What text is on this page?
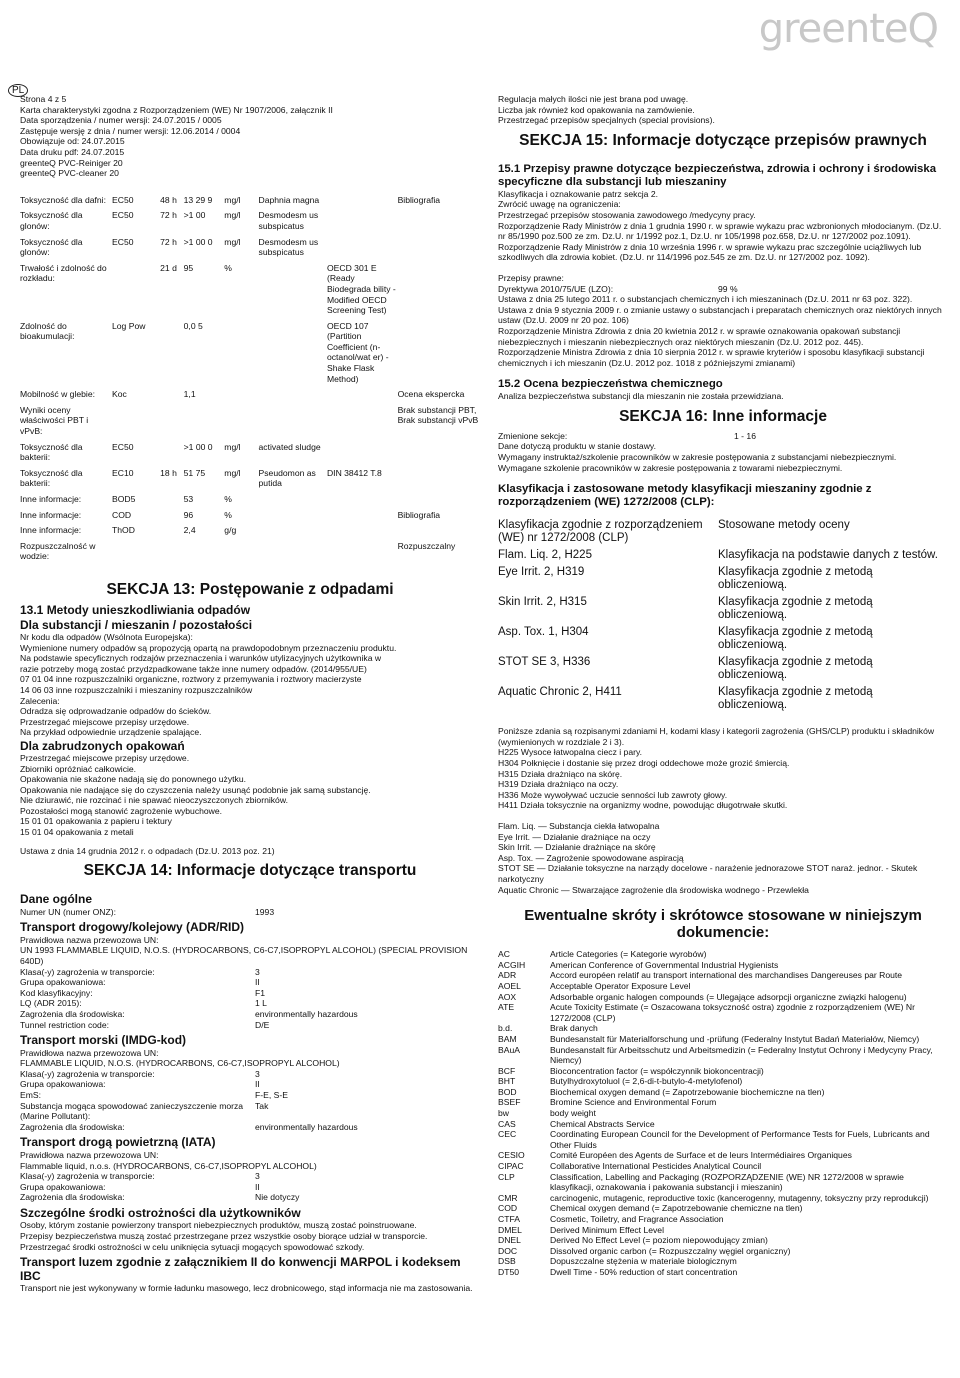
greenteQ
PL
Strona 4 z 5
Karta charakterystyki zgodna z Rozporządzeniem (WE) Nr 1907/2006, załącznik II
Data sporządzenia / numer wersji: 24.07.2015 / 0005
Zastępuje wersję z dnia / numer wersji: 12.06.2014 / 0004
Obowiązuje od: 24.07.2015
Data druku pdf: 24.07.2015
greenteQ PVC-Reiniger 20
greenteQ PVC-cleaner 20
Toksyczność dla dafni:	EC50	48 h	13 29 9	mg/l	Daphnia magna		Bibliografia
Toksyczność dla glonów:	EC50	72 h	>1 00	mg/l	Desmodesm us subspicatus		
Toksyczność dla glonów:	EC50	72 h	>1 00 0	mg/l	Desmodesm us subspicatus		
Trwałość i zdolność do rozkładu:		21 d	95	%		OECD 301 E (Ready Biodegrada bility - Modified OECD Screening Test)	
Zdolność do bioakumulacji:	Log Pow		0,0 5			OECD 107 (Partition Coefficient (n-octanol/wat er) - Shake Flask Method)	
Mobilność w glebie:	Koc		1,1				Ocena ekspercka
Wyniki oceny właściwości PBT i vPvB:							Brak substancji PBT, Brak substancji vPvB
Toksyczność dla bakterii:	EC50		>1 00 0	mg/l	activated sludge		
Toksyczność dla bakterii:	EC10	18 h	51 75	mg/l	Pseudomon as putida	DIN 38412 T.8	
Inne informacje:	BOD5		53	%			
Inne informacje:	COD		96	%			Bibliografia
Inne informacje:	ThOD		2,4	g/g			
Rozpuszczalność w wodzie:							Rozpuszczalny
SEKCJA 13: Postępowanie z odpadami
13.1 Metody unieszkodliwiania odpadów
Dla substancji / mieszanin / pozostałości
Nr kodu dla odpadów (Wsólnota Europejska):
Wymienione numery odpadów są propozycją opartą na prawdopodobnym przeznaczeniu produktu.
Na podstawie specyficznych rodzajów przeznaczenia i warunków utylizacyjnych użytkownika w
razie potrzeby mogą zostać przydzpadkowane także inne numery odpadów. (2014/955/UE)
07 01 04 inne rozpuszczalniki organiczne, roztwory z przemywania i roztwory macierzyste
14 06 03 inne rozpuszczalniki i mieszaniny rozpuszczalników
Zalecenia:
Odradza się odprowadzanie odpadów do ścieków.
Przestrzegać miejscowe przepisy urzędowe.
Na przykład odpowiednie urządzenie spalające.
Dla zabrudzonych opakowań
Przestrzegać miejscowe przepisy urzędowe.
Zbiorniki opróżniać całkowicie.
Opakowania nie skażone nadają się do ponownego użytku.
Opakowania nie nadające się do czyszczenia należy usunąć podobnie jak samą substancję.
Nie dziurawić, nie rozcinać i nie spawać nieoczyszczonych zbiorników.
Pozostałości mogą stanowić zagrożenie wybuchowe.
15 01 01 opakowania z papieru i tektury
15 01 04 opakowania z metali
Ustawa z dnia 14 grudnia 2012 r. o odpadach (Dz.U. 2013 poz. 21)
SEKCJA 14: Informacje dotyczące transportu
Dane ogólne
Numer UN (numer ONZ):	1993
Transport drogowy/kolejowy (ADR/RID)
Prawidłowa nazwa przewozowa UN:
UN 1993 FLAMMABLE LIQUID, N.O.S. (HYDROCARBONS, C6-C7,ISOPROPYL ALCOHOL) (SPECIAL PROVISION 640D)
Klasa(-y) zagrożenia w transporcie:	3
Grupa opakowaniowa:	II
Kod klasyfikacyjny:	F1
LQ (ADR 2015):	1 L
Zagrożenia dla środowiska:	environmentally hazardous
Tunnel restriction code:	D/E
Transport morski (IMDG-kod)
Prawidłowa nazwa przewozowa UN:
FLAMMABLE LIQUID, N.O.S. (HYDROCARBONS, C6-C7,ISOPROPYL ALCOHOL)
Klasa(-y) zagrożenia w transporcie:	3
Grupa opakowaniowa:	II
EmS:	F-E, S-E
Substancja mogąca spowodować zanieczyszczenie morza (Marine Pollutant):
Tak
Zagrożenia dla środowiska:	environmentally hazardous
Transport drogą powietrzną (IATA)
Prawidłowa nazwa przewozowa UN:
Flammable liquid, n.o.s. (HYDROCARBONS, C6-C7,ISOPROPYL ALCOHOL)
Klasa(-y) zagrożenia w transporcie:	3
Grupa opakowaniowa:	II
Zagrożenia dla środowiska:	Nie dotyczy
Szczególne środki ostrożności dla użytkowników
Osoby, którym zostanie powierzony transport niebezpiecznych produktów, muszą zostać poinstruowane.
Przepisy bezpieczeństwa muszą zostać przestrzegane przez wszystkie osoby biorące udział w transporcie.
Przestrzegać środki ostrożności w celu uniknięcia sytuacji mogących spowodować szkody.
Transport luzem zgodnie z załącznikiem II do konwencji MARPOL i kodeksem IBC
Transport nie jest wykonywany w formie ładunku masowego, lecz drobnicowego, stąd informacja nie ma zastosowania.
Regulacja małych ilości nie jest brana pod uwagę.
Liczba jak również kod opakowania na zamówienie.
Przestrzegać przepisów specjalnych (special provisions).
SEKCJA 15: Informacje dotyczące przepisów prawnych
15.1 Przepisy prawne dotyczące bezpieczeństwa, zdrowia i ochrony i środowiska specyficzne dla substancji lub mieszaniny
Klasyfikacja i oznakowanie patrz sekcja 2.
Zwrócić uwagę na ograniczenia:
Przestrzegać przepisów stosowania zawodowego /medycyny pracy.
Rozporządzenie Rady Ministrów z dnia 1 grudnia 1990 r. w sprawie wykazu prac wzbronionych młodocianym. (Dz.U. nr 85/1990 poz.500 ze zm. Dz.U. nr 1/1992 poz.1, Dz.U. nr 105/1998 poz.658, Dz.U. nr 127/2002 poz.1091).
Rozporządzenie Rady Ministrów z dnia 10 września 1996 r. w sprawie wykazu prac szczególnie uciążliwych lub szkodliwych dla zdrowia kobiet. (Dz.U. nr 114/1996 poz.545 ze zm. Dz.U. nr 127/2002 poz. 1092).
Przepisy prawne:
Dyrektywa 2010/75/UE (LZO):	99 %
Ustawa z dnia 25 lutego 2011 r. o substancjach chemicznych i ich mieszaninach (Dz.U. 2011 nr 63 poz. 322).
Ustawa z dnia 9 stycznia 2009 r. o zmianie ustawy o substancjach i preparatach chemicznych oraz niektórych innych ustaw (Dz.U. 2009 nr 20 poz. 106)
Rozporządzenie Ministra Zdrowia z dnia 20 kwietnia 2012 r. w sprawie oznakowania opakowań substancji niebezpiecznych i mieszanin niebezpiecznych oraz niektórych mieszanin (Dz.U. 2012 poz. 445).
Rozporządzenie Ministra Zdrowia z dnia 10 sierpnia 2012 r. w sprawie kryteriów i sposobu klasyfikacji substancji chemicznych i ich mieszanin (Dz.U. 2012 poz. 1018 z późniejszymi zmianami)
15.2 Ocena bezpieczeństwa chemicznego
Analiza bezpieczeństwa substancji dla mieszanin nie została przewidziana.
SEKCJA 16: Inne informacje
Zmienione sekcje:	1 - 16
Dane dotyczą produktu w stanie dostawy.
Wymagany instruktaż/szkolenie pracowników w zakresie postępowania z substancjami niebezpiecznymi.
Wymagane szkolenie pracowników w zakresie postępowania z towarami niebezpiecznymi.
Klasyfikacja i zastosowane metody klasyfikacji mieszaniny zgodnie z rozporządzeniem (WE) 1272/2008 (CLP):
Klasyfikacja zgodnie z rozporządzeniem (WE) nr 1272/2008 (CLP)	Stosowane metody oceny
Flam. Liq. 2, H225	Klasyfikacja na podstawie danych z testów.
Eye Irrit. 2, H319	Klasyfikacja zgodnie z metodą obliczeniową.
Skin Irrit. 2, H315	Klasyfikacja zgodnie z metodą obliczeniową.
Asp. Tox. 1, H304	Klasyfikacja zgodnie z metodą obliczeniową.
STOT SE 3, H336	Klasyfikacja zgodnie z metodą obliczeniową.
Aquatic Chronic 2, H411	Klasyfikacja zgodnie z metodą obliczeniową.
Poniższe zdania są rozpisanymi zdaniami H, kodami klasy i kategorii zagrożenia (GHS/CLP) produktu i składników (wymienionych w rozdziale 2 i 3).
H225 Wysoce łatwopalna ciecz i pary.
H304 Połknięcie i dostanie się przez drogi oddechowe może grozić śmiercią.
H315 Działa drażniąco na skórę.
H319 Działa drażniąco na oczy.
H336 Może wywoływać uczucie senności lub zawroty głowy.
H411 Działa toksycznie na organizmy wodne, powodując długotrwałe skutki.
Flam. Liq. — Substancja ciekła łatwopalna
Eye Irrit. — Działanie drażniące na oczy
Skin Irrit. — Działanie drażniące na skórę
Asp. Tox. — Zagrożenie spowodowane aspiracją
STOT SE — Działanie toksyczne na narządy docelowe - narażenie jednorazowe STOT naraż. jednor. - Skutek narkotyczny
Aquatic Chronic — Stwarzające zagrożenie dla środowiska wodnego - Przewlekła
Ewentualne skróty i skrótowce stosowane w niniejszym dokumencie:
AC	Article Categories (= Kategorie wyrobów)
ACGIH	American Conference of Governmental Industrial Hygienists
ADR	Accord européen relatif au transport international des marchandises Dangereuses par Route
AOEL	Acceptable Operator Exposure Level
AOX	Adsorbable organic halogen compounds (= Ulegające adsorpcji organiczne związki halogenu)
ATE	Acute Toxicity Estimate (= Oszacowana toksyczność ostra) zgodnie z rozporządzeniem (WE) Nr 1272/2008 (CLP)
b.d.	Brak danych
BAM	Bundesanstalt für Materialforschung und -prüfung (Federalny Instytut Badań Materiałów, Niemcy)
BAuA	Bundesanstalt für Arbeitsschutz und Arbeitsmedizin (= Federalny Instytut Ochrony i Medycyny Pracy, Niemcy)
BCF	Bioconcentration factor (= współczynnik biokoncentracji)
BHT	Butylhydroxytoluol (= 2,6-di-t-butylo-4-metylofenol)
BOD	Biochemical oxygen demand (= Zapotrzebowanie biochemiczne na tlen)
BSEF	Bromine Science and Environmental Forum
bw	body weight
CAS	Chemical Abstracts Service
CEC	Coordinating European Council for the Development of Performance Tests for Fuels, Lubricants and Other Fluids
CESIO	Comité Européen des Agents de Surface et de leurs Intermédiaires Organiques
CIPAC	Collaborative International Pesticides Analytical Council
CLP	Classification, Labelling and Packaging (ROZPORZĄDZENIE (WE) NR 1272/2008 w sprawie klasyfikacji, oznakowania i pakowania substancji i mieszanin)
CMR	carcinogenic, mutagenic, reproductive toxic (kancerogenny, mutagenny, toksyczny przy reprodukcji)
COD	Chemical oxygen demand (= Zapotrzebowanie chemiczne na tlen)
CTFA	Cosmetic, Toiletry, and Fragrance Association
DMEL	Derived Minimum Effect Level
DNEL	Derived No Effect Level (= poziom niepowodujący zmian)
DOC	Dissolved organic carbon (= Rozpuszczalny węgiel organiczny)
DSB	Dopuszczalne stężenia w materiale biologicznym
DT50	Dwell Time - 50% reduction of start concentration
